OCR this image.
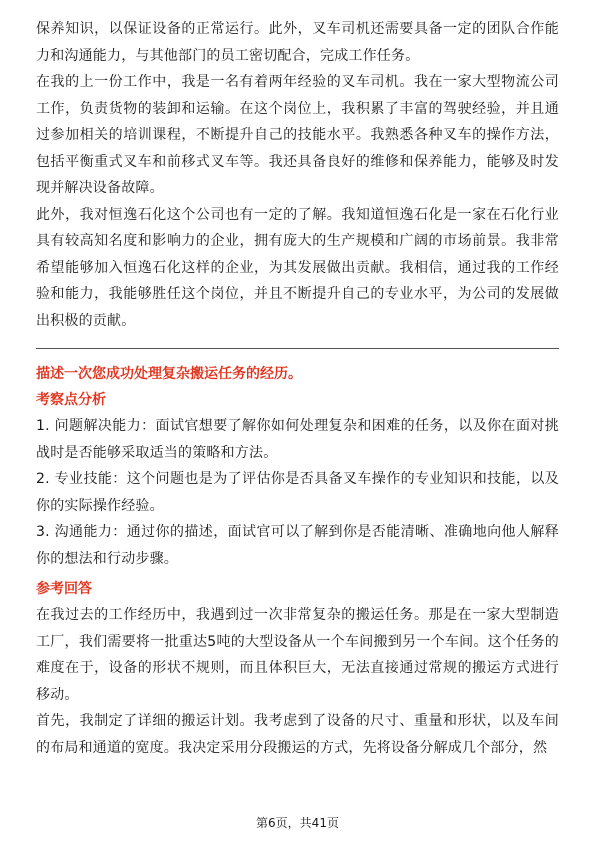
保养知识，以保证设备的正常运行。此外，叉车司机还需要具备一定的团队合作能力和沟通能力，与其他部门的员工密切配合，完成工作任务。

在我的上一份工作中，我是一名有着两年经验的叉车司机。我在一家大型物流公司工作，负责货物的装卸和运输。在这个岗位上，我积累了丰富的驾驶经验，并且通过参加相关的培训课程，不断提升自己的技能水平。我熟悉各种叉车的操作方法，包括平衡重式叉车和前移式叉车等。我还具备良好的维修和保养能力，能够及时发现并解决设备故障。

此外，我对恒逸石化这个公司也有一定的了解。我知道恒逸石化是一家在石化行业具有较高知名度和影响力的企业，拥有庞大的生产规模和广阔的市场前景。我非常希望能够加入恒逸石化这样的企业，为其发展做出贡献。我相信，通过我的工作经验和能力，我能够胜任这个岗位，并且不断提升自己的专业水平，为公司的发展做出积极的贡献。

描述一次您成功处理复杂搬运任务的经历。

考察点分析

1. 问题解决能力：面试官想要了解你如何处理复杂和困难的任务，以及你在面对挑战时是否能够采取适当的策略和方法。

2. 专业技能：这个问题也是为了评估你是否具备叉车操作的专业知识和技能，以及你的实际操作经验。

3. 沟通能力：通过你的描述，面试官可以了解到你是否能清晰、准确地向他人解释你的想法和行动步骤。

参考回答

在我过去的工作经历中，我遇到过一次非常复杂的搬运任务。那是在一家大型制造工厂，我们需要将一批重达5吨的大型设备从一个车间搬到另一个车间。这个任务的难度在于，设备的形状不规则，而且体积巨大，无法直接通过常规的搬运方式进行移动。

首先，我制定了详细的搬运计划。我考虑到了设备的尺寸、重量和形状，以及车间的布局和通道的宽度。我决定采用分段搬运的方式，先将设备分解成几个部分，然

第6页，共41页
